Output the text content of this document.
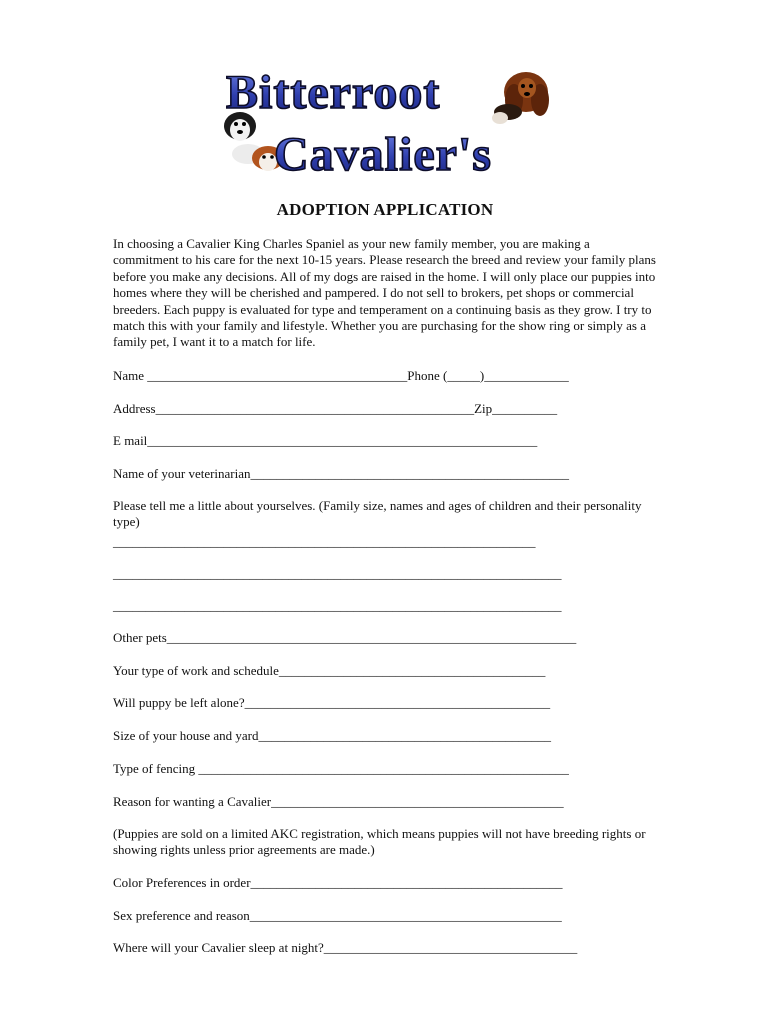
Bitterroot
Cavalier's
ADOPTION APPLICATION
In choosing a Cavalier King Charles Spaniel as your new family member, you are making a commitment to his care for the next 10-15 years. Please research the breed and review your family plans before you make any decisions. All of my dogs are raised in the home. I will only place our puppies into homes where they will be cherished and pampered. I do not sell to brokers, pet shops or commercial breeders. Each puppy is evaluated for type and temperament on a continuing basis as they grow. I try to match this with your family and lifestyle. Whether you are purchasing for the show ring or simply as a family pet, I want it to a match for life.
Name ________________________________________Phone (_____)_____________
Address_________________________________________________Zip__________
E mail____________________________________________________________
Name of your veterinarian_________________________________________________
Please tell me a little about yourselves. (Family size, names and ages of children and their personality type)
_________________________________________________________________
_____________________________________________________________________
_____________________________________________________________________
Other pets_______________________________________________________________
Your type of work and schedule_________________________________________
Will puppy be left alone?_______________________________________________
Size of your house and yard_____________________________________________
Type of fencing _________________________________________________________
Reason for wanting a Cavalier_____________________________________________
(Puppies are sold on a limited AKC registration, which means puppies will not have breeding rights or showing rights unless prior agreements are made.)
Color Preferences in order________________________________________________
Sex preference and reason________________________________________________
Where will your Cavalier sleep at night?_______________________________________
